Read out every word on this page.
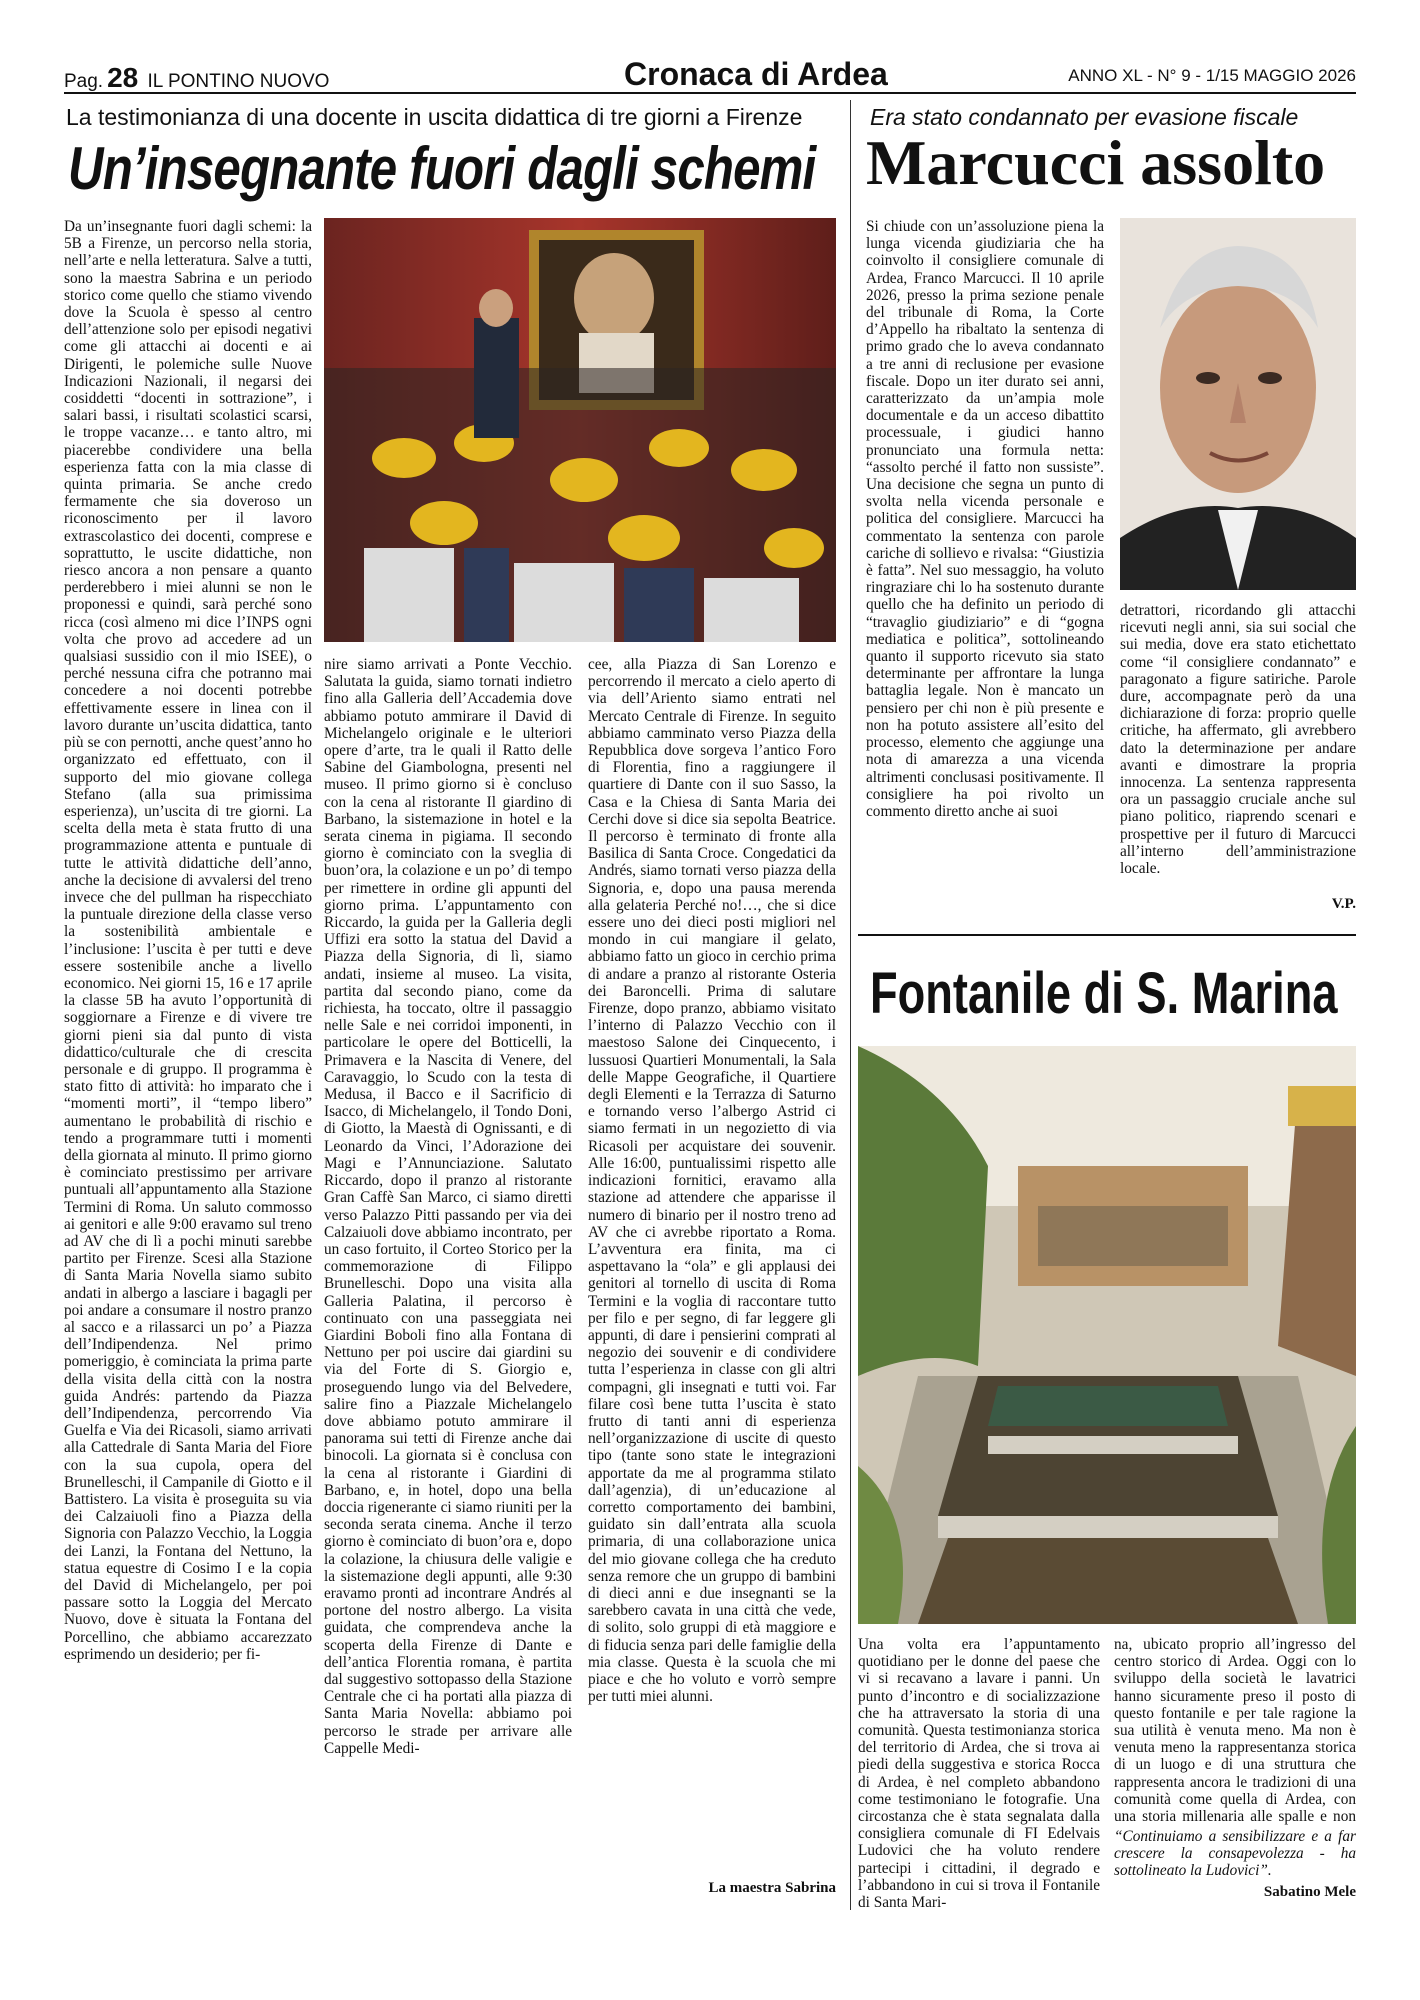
Pag. 28 IL PONTINO NUOVO	Cronaca di Ardea	ANNO XL - N° 9 - 1/15 MAGGIO 2026
La testimonianza di una docente in uscita didattica di tre giorni a Firenze
Un’insegnante fuori dagli schemi

Da un’insegnante fuori dagli schemi: la 5B a Firenze, un percorso nella storia, nell’arte e nella letteratura. Salve a tutti, sono la maestra Sabrina e un periodo storico come quello che stiamo vivendo dove la Scuola è spesso al centro dell’attenzione solo per episodi negativi come gli attacchi ai docenti e ai Dirigenti, le polemiche sulle Nuove Indicazioni Nazionali, il negarsi dei cosiddetti “docenti in sottrazione”, i salari bassi, i risultati scolastici scarsi, le troppe vacanze… e tanto altro, mi piacerebbe condividere una bella esperienza fatta con la mia classe di quinta primaria. Se anche credo fermamente che sia doveroso un riconoscimento per il lavoro extrascolastico dei docenti, comprese e soprattutto, le uscite didattiche, non riesco ancora a non pensare a quanto perderebbero i miei alunni se non le proponessi e quindi, sarà perché sono ricca (così almeno mi dice l’INPS ogni volta che provo ad accedere ad un qualsiasi sussidio con il mio ISEE), o perché nessuna cifra che potranno mai concedere a noi docenti potrebbe effettivamente essere in linea con il lavoro durante un’uscita didattica, tanto più se con pernotti, anche quest’anno ho organizzato ed effettuato, con il supporto del mio giovane collega Stefano (alla sua primissima esperienza), un’uscita di tre giorni. La scelta della meta è stata frutto di una programmazione attenta e puntuale di tutte le attività didattiche dell’anno, anche la decisione di avvalersi del treno invece che del pullman ha rispecchiato la puntuale direzione della classe verso la sostenibilità ambientale e l’inclusione: l’uscita è per tutti e deve essere sostenibile anche a livello economico. Nei giorni 15, 16 e 17 aprile la classe 5B ha avuto l’opportunità di soggiornare a Firenze e di vivere tre giorni pieni sia dal punto di vista didattico/culturale che di crescita personale e di gruppo. Il programma è stato fitto di attività: ho imparato che i “momenti morti”, il “tempo libero” aumentano le probabilità di rischio e tendo a programmare tutti i momenti della giornata al minuto. Il primo giorno è cominciato prestissimo per arrivare puntuali all’appuntamento alla Stazione Termini di Roma. Un saluto commosso ai genitori e alle 9:00 eravamo sul treno ad AV che di lì a pochi minuti sarebbe partito per Firenze. Scesi alla Stazione di Santa Maria Novella siamo subito andati in albergo a lasciare i bagagli per poi andare a consumare il nostro pranzo al sacco e a rilassarci un po’ a Piazza dell’Indipendenza. Nel primo pomeriggio, è cominciata la prima parte della visita della città con la nostra guida Andrés: partendo da Piazza dell’Indipendenza, percorrendo Via Guelfa e Via dei Ricasoli, siamo arrivati alla Cattedrale di Santa Maria del Fiore con la sua cupola, opera del Brunelleschi, il Campanile di Giotto e il Battistero. La visita è proseguita su via dei Calzaiuoli fino a Piazza della Signoria con Palazzo Vecchio, la Loggia dei Lanzi, la Fontana del Nettuno, la statua equestre di Cosimo I e la copia del David di Michelangelo, per poi passare sotto la Loggia del Mercato Nuovo, dove è situata la Fontana del Porcellino, che abbiamo accarezzato esprimendo un desiderio; per fi-

nire siamo arrivati a Ponte Vecchio. Salutata la guida, siamo tornati indietro fino alla Galleria dell’Accademia dove abbiamo potuto ammirare il David di Michelangelo originale e le ulteriori opere d’arte, tra le quali il Ratto delle Sabine del Giambologna, presenti nel museo. Il primo giorno si è concluso con la cena al ristorante Il giardino di Barbano, la sistemazione in hotel e la serata cinema in pigiama. Il secondo giorno è cominciato con la sveglia di buon’ora, la colazione e un po’ di tempo per rimettere in ordine gli appunti del giorno prima. L’appuntamento con Riccardo, la guida per la Galleria degli Uffizi era sotto la statua del David a Piazza della Signoria, di lì, siamo andati, insieme al museo. La visita, partita dal secondo piano, come da richiesta, ha toccato, oltre il passaggio nelle Sale e nei corridoi imponenti, in particolare le opere del Botticelli, la Primavera e la Nascita di Venere, del Caravaggio, lo Scudo con la testa di Medusa, il Bacco e il Sacrificio di Isacco, di Michelangelo, il Tondo Doni, di Giotto, la Maestà di Ognissanti, e di Leonardo da Vinci, l’Adorazione dei Magi e l’Annunciazione. Salutato Riccardo, dopo il pranzo al ristorante Gran Caffè San Marco, ci siamo diretti verso Palazzo Pitti passando per via dei Calzaiuoli dove abbiamo incontrato, per un caso fortuito, il Corteo Storico per la commemorazione di Filippo Brunelleschi. Dopo una visita alla Galleria Palatina, il percorso è continuato con una passeggiata nei Giardini Boboli fino alla Fontana di Nettuno per poi uscire dai giardini su via del Forte di S. Giorgio e, proseguendo lungo via del Belvedere, salire fino a Piazzale Michelangelo dove abbiamo potuto ammirare il panorama sui tetti di Firenze anche dai binocoli. La giornata si è conclusa con la cena al ristorante i Giardini di Barbano, e, in hotel, dopo una bella doccia rigenerante ci siamo riuniti per la seconda serata cinema. Anche il terzo giorno è cominciato di buon’ora e, dopo la colazione, la chiusura delle valigie e la sistemazione degli appunti, alle 9:30 eravamo pronti ad incontrare Andrés al portone del nostro albergo. La visita guidata, che comprendeva anche la scoperta della Firenze di Dante e dell’antica Florentia romana, è partita dal suggestivo sottopasso della Stazione Centrale che ci ha portati alla piazza di Santa Maria Novella: abbiamo poi percorso le strade per arrivare alle Cappelle Medi-

cee, alla Piazza di San Lorenzo e percorrendo il mercato a cielo aperto di via dell’Ariento siamo entrati nel Mercato Centrale di Firenze. In seguito abbiamo camminato verso Piazza della Repubblica dove sorgeva l’antico Foro di Florentia, fino a raggiungere il quartiere di Dante con il suo Sasso, la Casa e la Chiesa di Santa Maria dei Cerchi dove si dice sia sepolta Beatrice. Il percorso è terminato di fronte alla Basilica di Santa Croce. Congedatici da Andrés, siamo tornati verso piazza della Signoria, e, dopo una pausa merenda alla gelateria Perché no!…, che si dice essere uno dei dieci posti migliori nel mondo in cui mangiare il gelato, abbiamo fatto un gioco in cerchio prima di andare a pranzo al ristorante Osteria dei Baroncelli. Prima di salutare Firenze, dopo pranzo, abbiamo visitato l’interno di Palazzo Vecchio con il maestoso Salone dei Cinquecento, i lussuosi Quartieri Monumentali, la Sala delle Mappe Geografiche, il Quartiere degli Elementi e la Terrazza di Saturno e tornando verso l’albergo Astrid ci siamo fermati in un negozietto di via Ricasoli per acquistare dei souvenir. Alle 16:00, puntualissimi rispetto alle indicazioni fornitici, eravamo alla stazione ad attendere che apparisse il numero di binario per il nostro treno ad AV che ci avrebbe riportato a Roma. L’avventura era finita, ma ci aspettavano la “ola” e gli applausi dei genitori al tornello di uscita di Roma Termini e la voglia di raccontare tutto per filo e per segno, di far leggere gli appunti, di dare i pensierini comprati al negozio dei souvenir e di condividere tutta l’esperienza in classe con gli altri compagni, gli insegnati e tutti voi. Far filare così bene tutta l’uscita è stato frutto di tanti anni di esperienza nell’organizzazione di uscite di questo tipo (tante sono state le integrazioni apportate da me al programma stilato dall’agenzia), di un’educazione al corretto comportamento dei bambini, guidato sin dall’entrata alla scuola primaria, di una collaborazione unica del mio giovane collega che ha creduto senza remore che un gruppo di bambini di dieci anni e due insegnanti se la sarebbero cavata in una città che vede, di solito, solo gruppi di età maggiore e di fiducia senza pari delle famiglie della mia classe. Questa è la scuola che mi piace e che ho voluto e vorrò sempre per tutti miei alunni.

La maestra Sabrina
Era stato condannato per evasione fiscale
Marcucci assolto

Si chiude con un’assoluzione piena la lunga vicenda giudiziaria che ha coinvolto il consigliere comunale di Ardea, Franco Marcucci. Il 10 aprile 2026, presso la prima sezione penale del tribunale di Roma, la Corte d’Appello ha ribaltato la sentenza di primo grado che lo aveva condannato a tre anni di reclusione per evasione fiscale. Dopo un iter durato sei anni, caratterizzato da un’ampia mole documentale e da un acceso dibattito processuale, i giudici hanno pronunciato una formula netta: “assolto perché il fatto non sussiste”. Una decisione che segna un punto di svolta nella vicenda personale e politica del consigliere. Marcucci ha commentato la sentenza con parole cariche di sollievo e rivalsa: “Giustizia è fatta”. Nel suo messaggio, ha voluto ringraziare chi lo ha sostenuto durante quello che ha definito un periodo di “travaglio giudiziario” e di “gogna mediatica e politica”, sottolineando quanto il supporto ricevuto sia stato determinante per affrontare la lunga battaglia legale. Non è mancato un pensiero per chi non è più presente e non ha potuto assistere all’esito del processo, elemento che aggiunge una nota di amarezza a una vicenda altrimenti conclusasi positivamente. Il consigliere ha poi rivolto un commento diretto anche ai suoi

detrattori, ricordando gli attacchi ricevuti negli anni, sia sui social che sui media, dove era stato etichettato come “il consigliere condannato” e paragonato a figure satiriche. Parole dure, accompagnate però da una dichiarazione di forza: proprio quelle critiche, ha affermato, gli avrebbero dato la determinazione per andare avanti e dimostrare la propria innocenza. La sentenza rappresenta ora un passaggio cruciale anche sul piano politico, riaprendo scenari e prospettive per il futuro di Marcucci all’interno dell’amministrazione locale.

V.P.
Fontanile di S. Marina

Una volta era l’appuntamento quotidiano per le donne del paese che vi si recavano a lavare i panni. Un punto d’incontro e di socializzazione che ha attraversato la storia di una comunità. Questa testimonianza storica del territorio di Ardea, che si trova ai piedi della suggestiva e storica Rocca di Ardea, è nel completo abbandono come testimoniano le fotografie. Una circostanza che è stata segnalata dalla consigliera comunale di FI Edelvais Ludovici che ha voluto rendere partecipi i cittadini, il degrado e l’abbandono in cui si trova il Fontanile di Santa Mari-

na, ubicato proprio all’ingresso del centro storico di Ardea. Oggi con lo sviluppo della società le lavatrici hanno sicuramente preso il posto di questo fontanile e per tale ragione la sua utilità è venuta meno. Ma non è venuta meno la rappresentanza storica di un luogo e di una struttura che rappresenta ancora le tradizioni di una comunità come quella di Ardea, con una storia millenaria alle spalle e non

“Continuiamo a sensibilizzare e a far crescere la consapevolezza - ha sottolineato la Ludovici”.

Sabatino Mele
